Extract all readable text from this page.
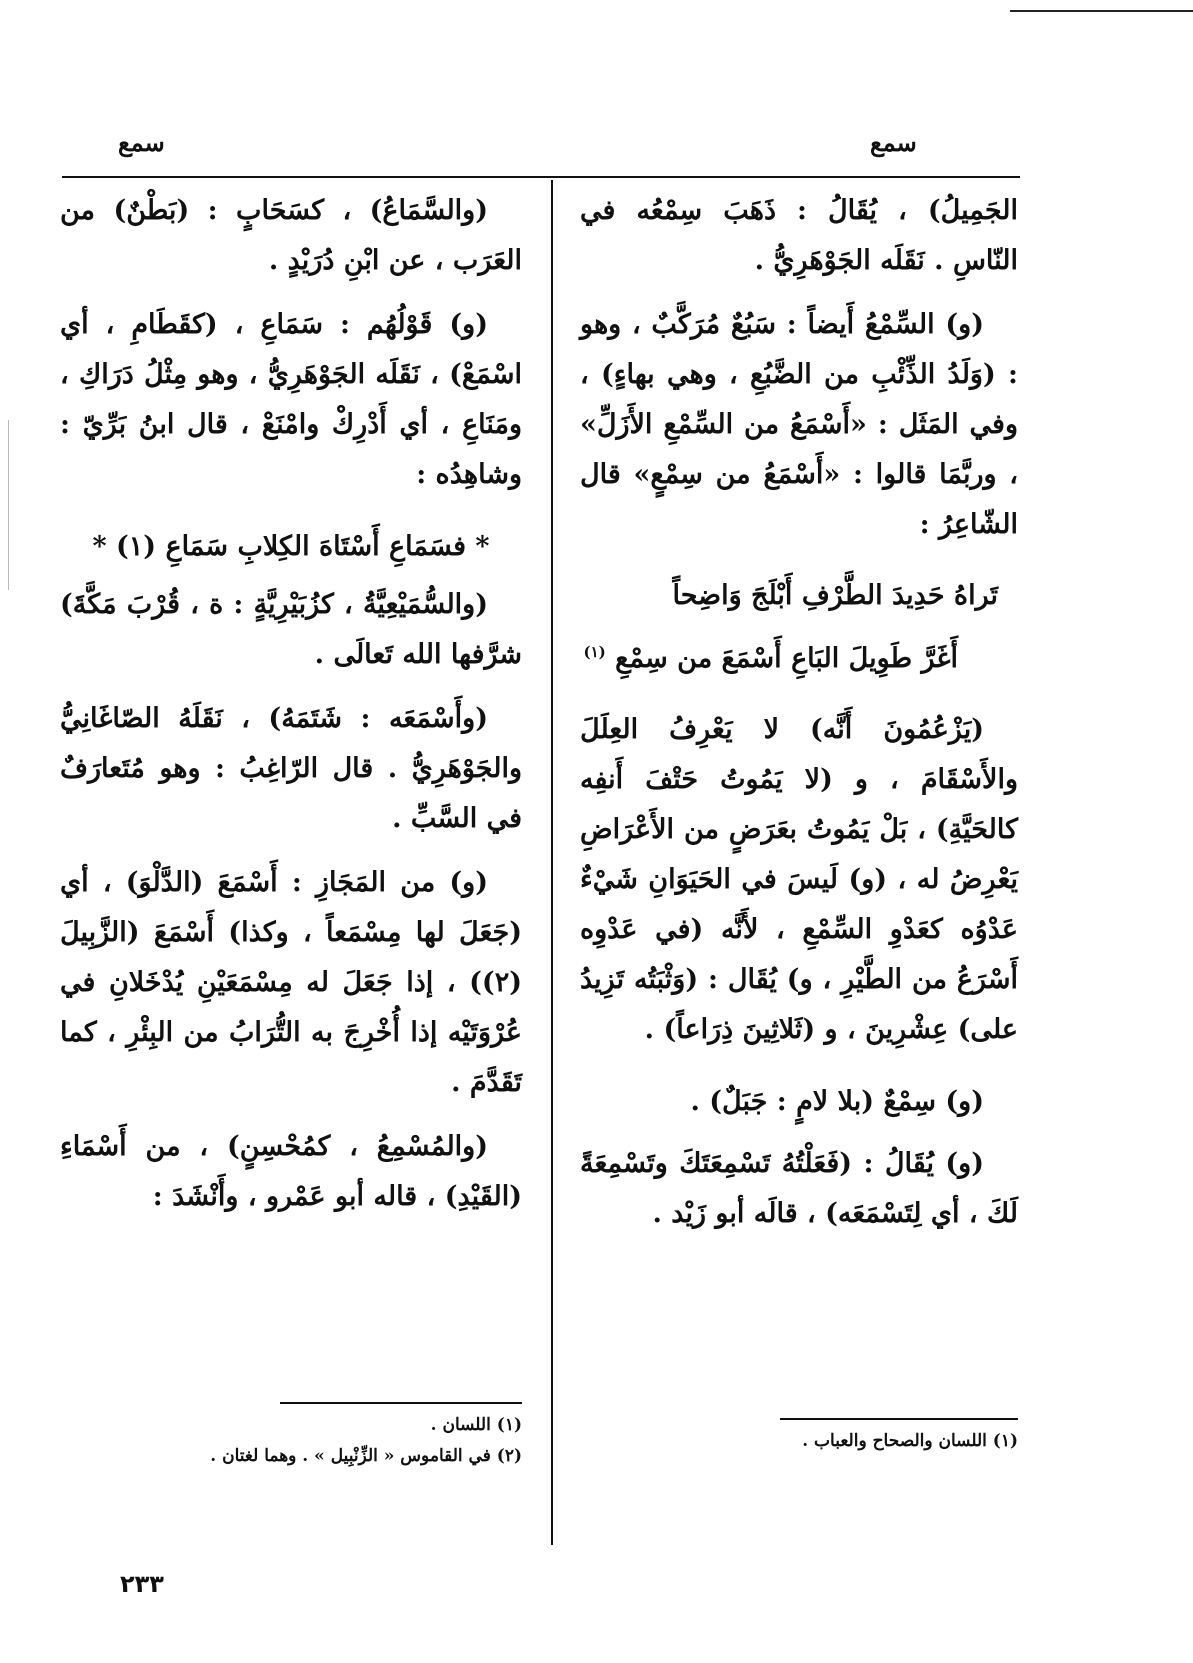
سمع
سمع

الجَمِيلُ) ، يُقَالُ : ذَهَبَ سِمْعُه في النّاسِ . نَقَلَه الجَوْهَرِيُّ .

(و) السِّمْعُ أَيضاً : سَبُعٌ مُرَكَّبٌ ، وهو : (وَلَدُ الذِّئْبِ من الضَّبُعِ ، وهي بهاءٍ) ، وفي المَثَل : «أَسْمَعُ من السِّمْعِ الأَزَلِّ» ، وربَّمَا قالوا : «أَسْمَعُ من سِمْعٍ» قال الشّاعِرُ :

تَراهُ حَدِيدَ الطَّرْفِ أَبْلَجَ وَاضِحاً
أَغَرَّ طَوِيلَ البَاعِ أَسْمَعَ من سِمْعِ $^{(١)}$

(يَزْعُمُونَ أَنَّه) لا يَعْرِفُ العِلَلَ والأَسْقَامَ ، و (لا يَمُوتُ حَتْفَ أَنفِه كالحَيَّةِ) ، بَلْ يَمُوتُ بعَرَضٍ من الأَعْرَاضِ يَعْرِضُ له ، (و) لَيسَ في الحَيَوَانِ شَيْءٌ عَدْوُه كعَدْوِ السِّمْعِ ، لأَنَّه (في عَدْوِه أَسْرَعُ من الطَّيْرِ ، و) يُقَال : (وَثْبَتُه تَزِيدُ على) عِشْرِينَ ، و (ثَلاثِينَ ذِرَاعاً) .

(و) سِمْعٌ (بلا لامٍ : جَبَلٌ) .

(و) يُقَالُ : (فَعَلْتُهُ تَسْمِعَتَكَ وتَسْمِعَةً لَكَ ، أي لِتَسْمَعَه) ، قالَه أبو زَيْد .

(والسَّمَاعُ) ، كسَحَابٍ : (بَطْنٌ) من العَرَب ، عن ابْنِ دُرَيْدٍ .

(و) قَوْلُهُم : سَمَاعِ ، (كقَطَامِ ، أي اسْمَعْ) ، نَقَلَه الجَوْهَرِيُّ ، وهو مِثْلُ دَرَاكِ ، ومَنَاعِ ، أي أَدْرِكْ وامْنَعْ ، قال ابنُ بَرِّيّ : وشاهِدُه :

* فسَمَاعِ أَسْتَاهَ الكِلابِ سَمَاعِ (١) *

(والسُّمَيْعِيَّةُ ، كزُبَيْرِيَّةٍ : ة ، قُرْبَ مَكَّةَ) شرَّفها الله تَعالَى .

(وأَسْمَعَه : شَتَمَهُ) ، نَقَلَهُ الصّاغَانِيُّ والجَوْهَرِيُّ . قال الرّاغِبُ : وهو مُتَعارَفٌ في السَّبِّ .

(و) من المَجَازِ : أَسْمَعَ (الدَّلْوَ) ، أي (جَعَلَ لها مِسْمَعاً ، وكذا) أَسْمَعَ (الزَّبِيلَ (٢)) ، إذا جَعَلَ له مِسْمَعَيْنِ يُدْخَلانِ في عُرْوَتَيْه إذا أُخْرِجَ به التُّرَابُ من البِئْرِ ، كما تَقَدَّمَ .

(والمُسْمِعُ ، كمُحْسِنٍ) ، من أَسْمَاءِ (القَيْدِ) ، قاله أبو عَمْرو ، وأَنْشَدَ :

(١) اللسان والصحاح والعباب .
(١) اللسان .
(٢) في القاموس « الزِّنْبِيل » . وهما لغتان .
٢٣٣
